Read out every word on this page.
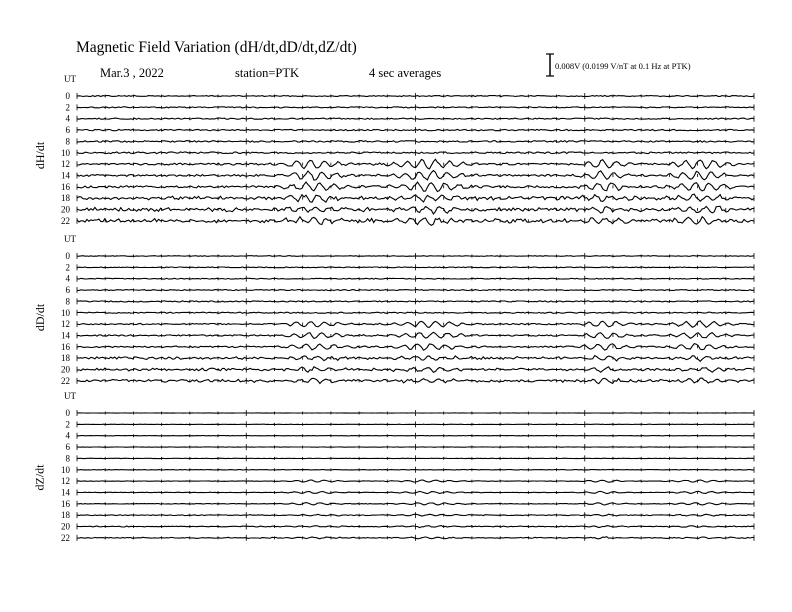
Magnetic Field Variation (dH/dt,dD/dt,dZ/dt)
Mar.3 , 2022	station=PTK	4 sec averages	0.008V (0.0199 V/nT at 0.1 Hz at PTK)
dH/dt
dD/dt
dZ/dt
UT
0
2
4
6
8
10
12
14
16
18
20
22
UT
0
2
4
6
8
10
12
14
16
18
20
22
UT
0
2
4
6
8
10
12
14
16
18
20
22
